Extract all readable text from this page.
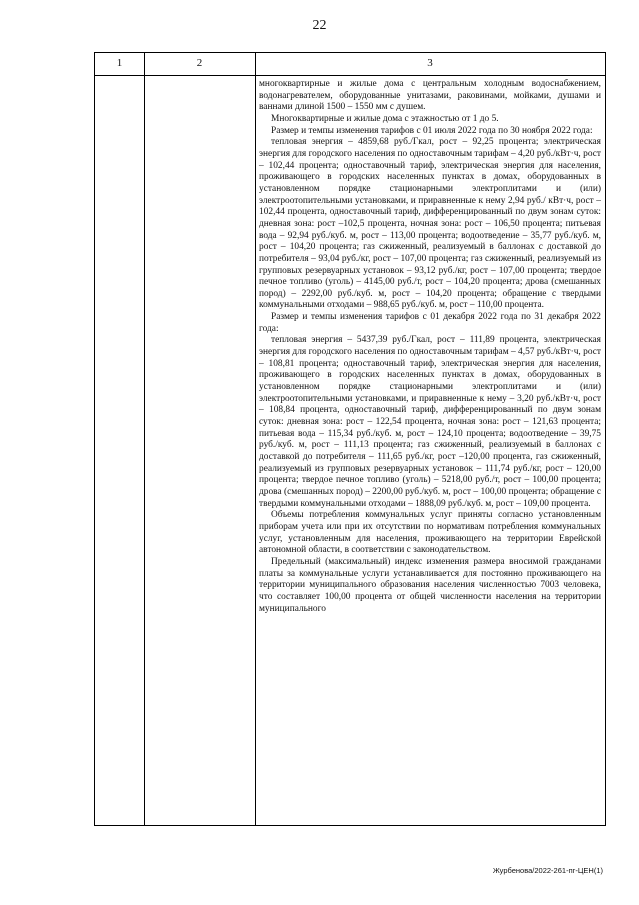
22
1	2	3

многоквартирные и жилые дома с центральным холодным водоснабжением, водонагревателем, оборудованные унитазами, раковинами, мойками, душами и ваннами длиной 1500 – 1550 мм с душем.

Многоквартирные и жилые дома с этажностью от 1 до 5.

Размер и темпы изменения тарифов с 01 июля 2022 года по 30 ноября 2022 года:

тепловая энергия – 4859,68 руб./Гкал, рост – 92,25 процента; электрическая энергия для городского населения по одноставочным тарифам – 4,20 руб./кВт·ч, рост – 102,44 процента; одноставочный тариф, электрическая энергия для населения, проживающего в городских населенных пунктах в домах, оборудованных в установленном порядке стационарными электроплитами и (или) электроотопительными установками, и приравненные к нему 2,94 руб./ кВт·ч, рост – 102,44 процента, одноставочный тариф, дифференцированный по двум зонам суток: дневная зона: рост –102,5 процента, ночная зона: рост – 106,50 процента; питьевая вода – 92,94 руб./куб. м, рост – 113,00 процента; водоотведение – 35,77 руб./куб. м, рост – 104,20 процента; газ сжиженный, реализуемый в баллонах с доставкой до потребителя – 93,04 руб./кг, рост – 107,00 процента; газ сжиженный, реализуемый из групповых резервуарных установок – 93,12 руб./кг, рост – 107,00 процента; твердое печное топливо (уголь) – 4145,00 руб./т, рост – 104,20 процента; дрова (смешанных пород) – 2292,00 руб./куб. м, рост – 104,20 процента; обращение с твердыми коммунальными отходами – 988,65 руб./куб. м, рост – 110,00 процента.

Размер и темпы изменения тарифов с 01 декабря 2022 года по 31 декабря 2022 года:

тепловая энергия – 5437,39 руб./Гкал, рост – 111,89 процента, электрическая энергия для городского населения по одноставочным тарифам – 4,57 руб./кВт·ч, рост – 108,81 процента; одноставочный тариф, электрическая энергия для населения, проживающего в городских населенных пунктах в домах, оборудованных в установленном порядке стационарными электроплитами и (или) электроотопительными установками, и приравненные к нему – 3,20 руб./кВт·ч, рост – 108,84 процента, одноставочный тариф, дифференцированный по двум зонам суток: дневная зона: рост – 122,54 процента, ночная зона: рост – 121,63 процента; питьевая вода – 115,34 руб./куб. м, рост – 124,10 процента; водоотведение – 39,75 руб./куб. м, рост – 111,13 процента; газ сжиженный, реализуемый в баллонах с доставкой до потребителя – 111,65 руб./кг, рост –120,00 процента, газ сжиженный, реализуемый из групповых резервуарных установок – 111,74 руб./кг, рост – 120,00 процента; твердое печное топливо (уголь) – 5218,00 руб./т, рост – 100,00 процента; дрова (смешанных пород) – 2200,00 руб./куб. м, рост – 100,00 процента; обращение с твердыми коммунальными отходами – 1888,09 руб./куб. м, рост – 109,00 процента.

Объемы потребления коммунальных услуг приняты согласно установленным приборам учета или при их отсутствии по нормативам потребления коммунальных услуг, установленным для населения, проживающего на территории Еврейской автономной области, в соответствии с законодательством.

Предельный (максимальный) индекс изменения размера вносимой гражданами платы за коммунальные услуги устанавливается для постоянно проживающего на территории муниципального образования населения численностью 7003 человека, что составляет 100,00 процента от общей численности населения на территории муниципального

Журбенова/2022-261-пг-ЦЕН(1)
